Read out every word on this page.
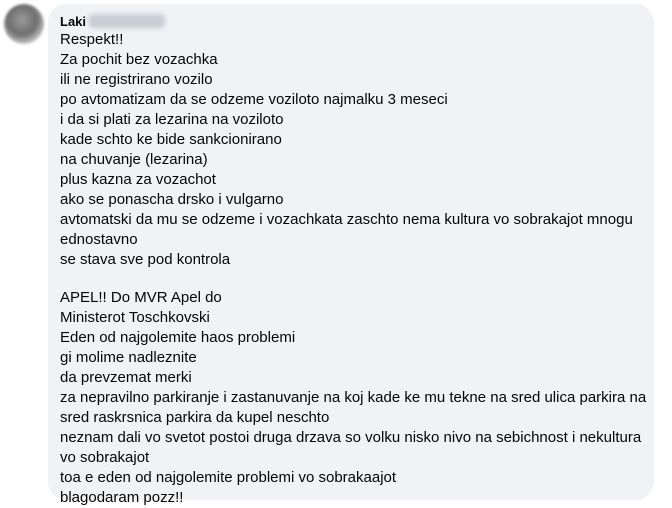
Laki
Respekt!!
Za pochit bez vozachka
ili ne registrirano vozilo
po avtomatizam da se odzeme voziloto najmalku 3 meseci
i da si plati za lezarina na voziloto
kade schto ke bide sankcionirano
na chuvanje (lezarina)
plus kazna za vozachot
ako se ponascha drsko i vulgarno
avtomatski da mu se odzeme i vozachkata zaschto nema kultura vo sobrakajot mnogu
ednostavno
se stava sve pod kontrola
APEL!! Do MVR Apel do
Ministerot Toschkovski
Eden od najgolemite haos problemi
gi molime nadleznite
da prevzemat merki
za nepravilno parkiranje i zastanuvanje na koj kade ke mu tekne na sred ulica parkira na
sred raskrsnica parkira da kupel neschto
neznam dali vo svetot postoi druga drzava so volku nisko nivo na sebichnost i nekultura
vo sobrakajot
toa e eden od najgolemite problemi vo sobrakaajot
blagodaram pozz!!
